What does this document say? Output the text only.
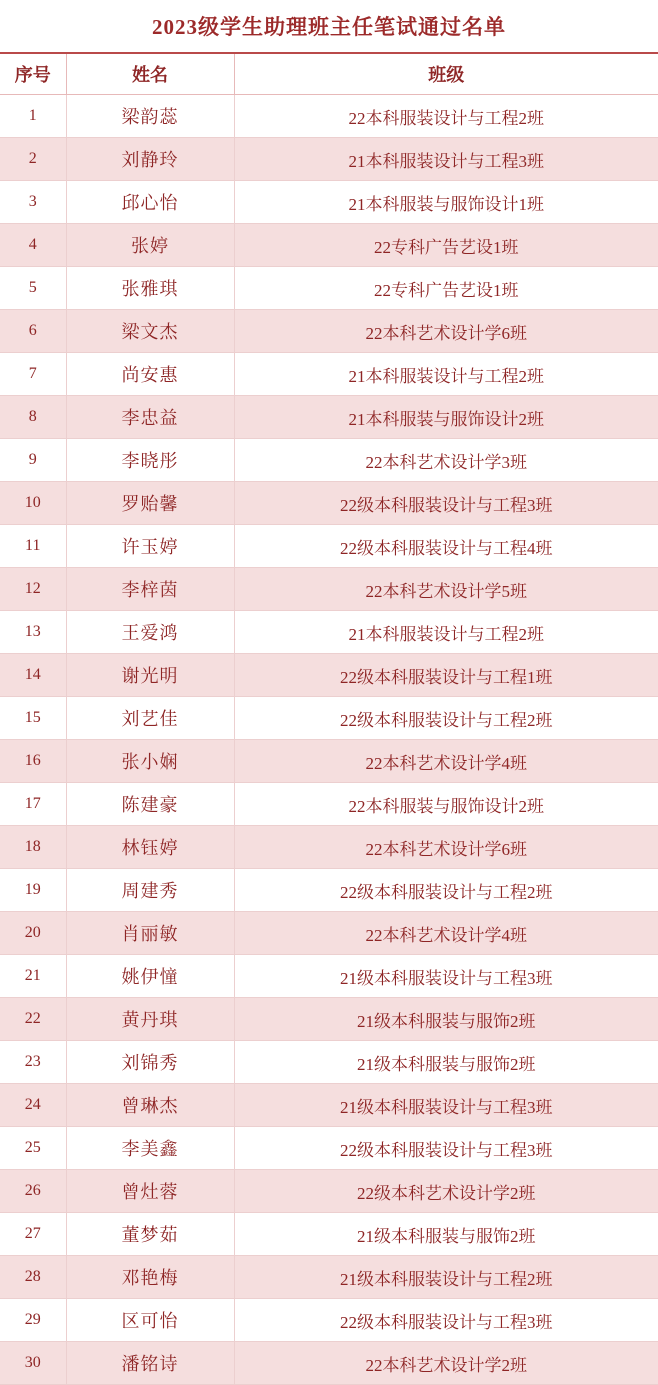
2023级学生助理班主任笔试通过名单
序号	姓名	班级
1	梁韵蕊	22本科服装设计与工程2班
2	刘静玲	21本科服装设计与工程3班
3	邱心怡	21本科服装与服饰设计1班
4	张婷	22专科广告艺设1班
5	张雅琪	22专科广告艺设1班
6	梁文杰	22本科艺术设计学6班
7	尚安惠	21本科服装设计与工程2班
8	李忠益	21本科服装与服饰设计2班
9	李晓彤	22本科艺术设计学3班
10	罗贻馨	22级本科服装设计与工程3班
11	许玉婷	22级本科服装设计与工程4班
12	李梓茵	22本科艺术设计学5班
13	王爱鸿	21本科服装设计与工程2班
14	谢光明	22级本科服装设计与工程1班
15	刘艺佳	22级本科服装设计与工程2班
16	张小娴	22本科艺术设计学4班
17	陈建豪	22本科服装与服饰设计2班
18	林钰婷	22本科艺术设计学6班
19	周建秀	22级本科服装设计与工程2班
20	肖丽敏	22本科艺术设计学4班
21	姚伊憧	21级本科服装设计与工程3班
22	黄丹琪	21级本科服装与服饰2班
23	刘锦秀	21级本科服装与服饰2班
24	曾琳杰	21级本科服装设计与工程3班
25	李美鑫	22级本科服装设计与工程3班
26	曾灶蓉	22级本科艺术设计学2班
27	董梦茹	21级本科服装与服饰2班
28	邓艳梅	21级本科服装设计与工程2班
29	区可怡	22级本科服装设计与工程3班
30	潘铭诗	22本科艺术设计学2班
